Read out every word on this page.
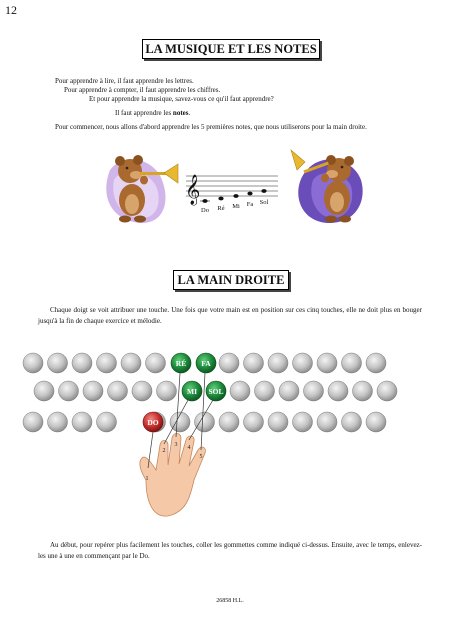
12
LA MUSIQUE ET LES NOTES
Pour apprendre à lire, il faut apprendre les lettres.
Pour apprendre à compter, il faut apprendre les chiffres.
Et pour apprendre la musique, savez-vous ce qu'il faut apprendre?
Il faut apprendre les notes.
Pour commencer, nous allons d'abord apprendre les 5 premières notes, que nous utiliserons pour la main droite.
𝄞
Do Ré Mi Fa Sol
LA MAIN DROITE
Chaque doigt se voit attribuer une touche. Une fois que votre main est en position sur ces cinq touches, elle ne doit plus en bouger jusqu'à la fin de chaque exercice et mélodie.
1
2
3 4
5
RÉ FA
MI SOL
DO
Au début, pour repérer plus facilement les touches, coller les gommettes comme indiqué ci-dessus. Ensuite, avec le temps, enlevez-les une à une en commençant par le Do.
26858 H.L.
